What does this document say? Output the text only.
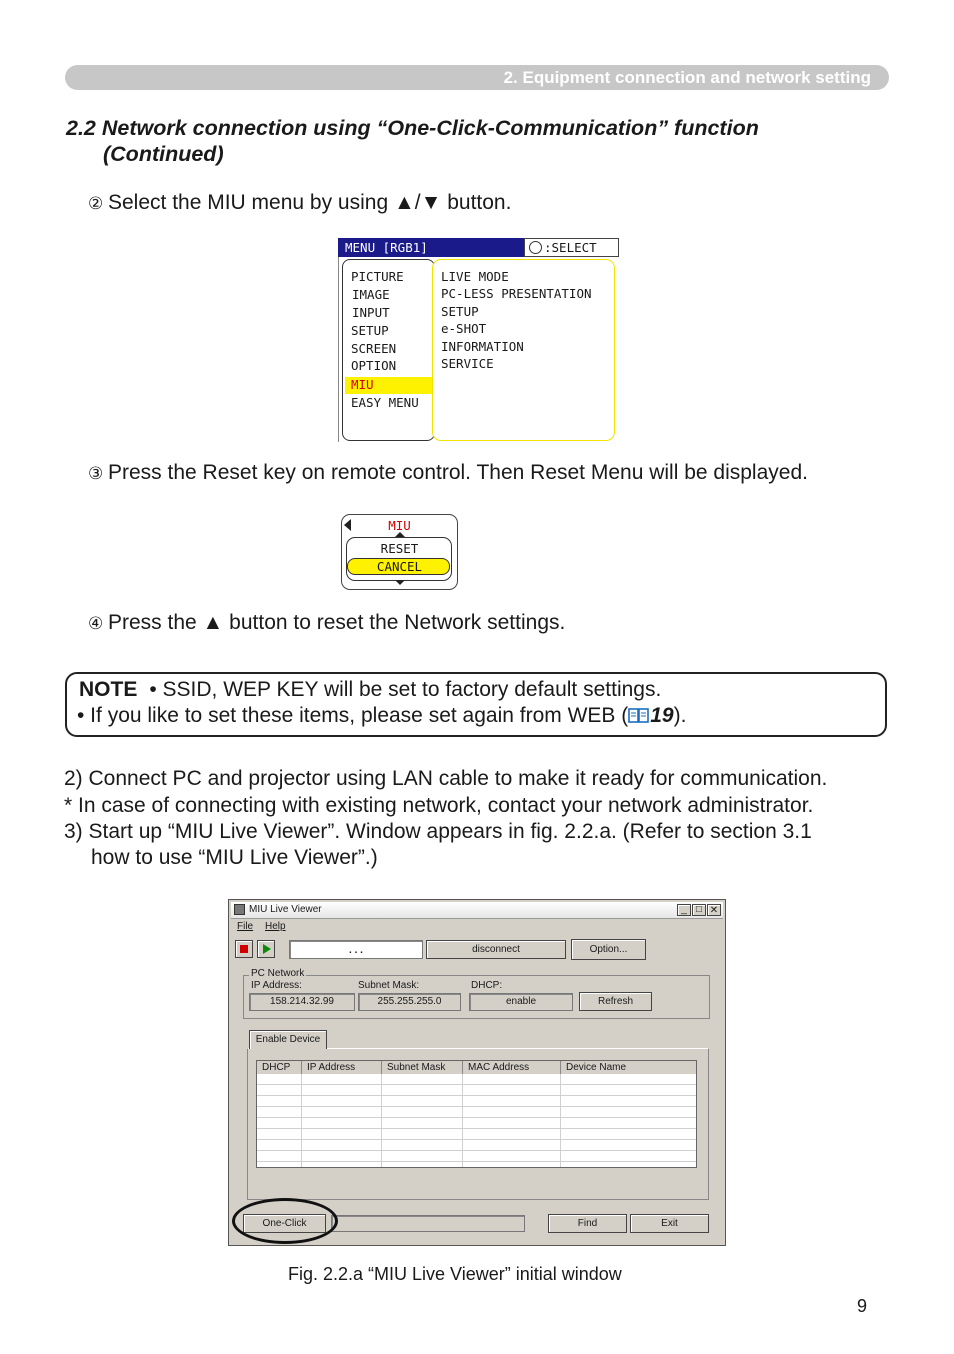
2. Equipment connection and network setting
2.2 Network connection using “One-Click-Communication” function
(Continued)
② Select the MIU menu by using ▲/▼ button.
MENU [RGB1]	:SELECT
PICTURE
IMAGE
INPUT
SETUP
SCREEN
OPTION
MIU
EASY MENU
LIVE MODE
PC-LESS PRESENTATION
SETUP
e-SHOT
INFORMATION
SERVICE
③ Press the Reset key on remote control. Then Reset Menu will be displayed.
MIU
RESET
CANCEL
④ Press the ▲ button to reset the Network settings.
NOTE • SSID, WEP KEY will be set to factory default settings.
• If you like to set these items, please set again from WEB ( 19).
2) Connect PC and projector using LAN cable to make it ready for communication.
* In case of connecting with existing network, contact your network administrator.
3) Start up “MIU Live Viewer”. Window appears in fig. 2.2.a. (Refer to section 3.1
how to use “MIU Live Viewer”.)
MIU Live Viewer	_ □ ✕
File Help
. . .	disconnect	Option...
PC Network
IP Address:	Subnet Mask:	DHCP:
158.214.32.99	255.255.255.0	enable	Refresh
Enable Device
DHCP	IP Address	Subnet Mask	MAC Address	Device Name
One-Click	Find	Exit
Fig. 2.2.a “MIU Live Viewer” initial window
9
